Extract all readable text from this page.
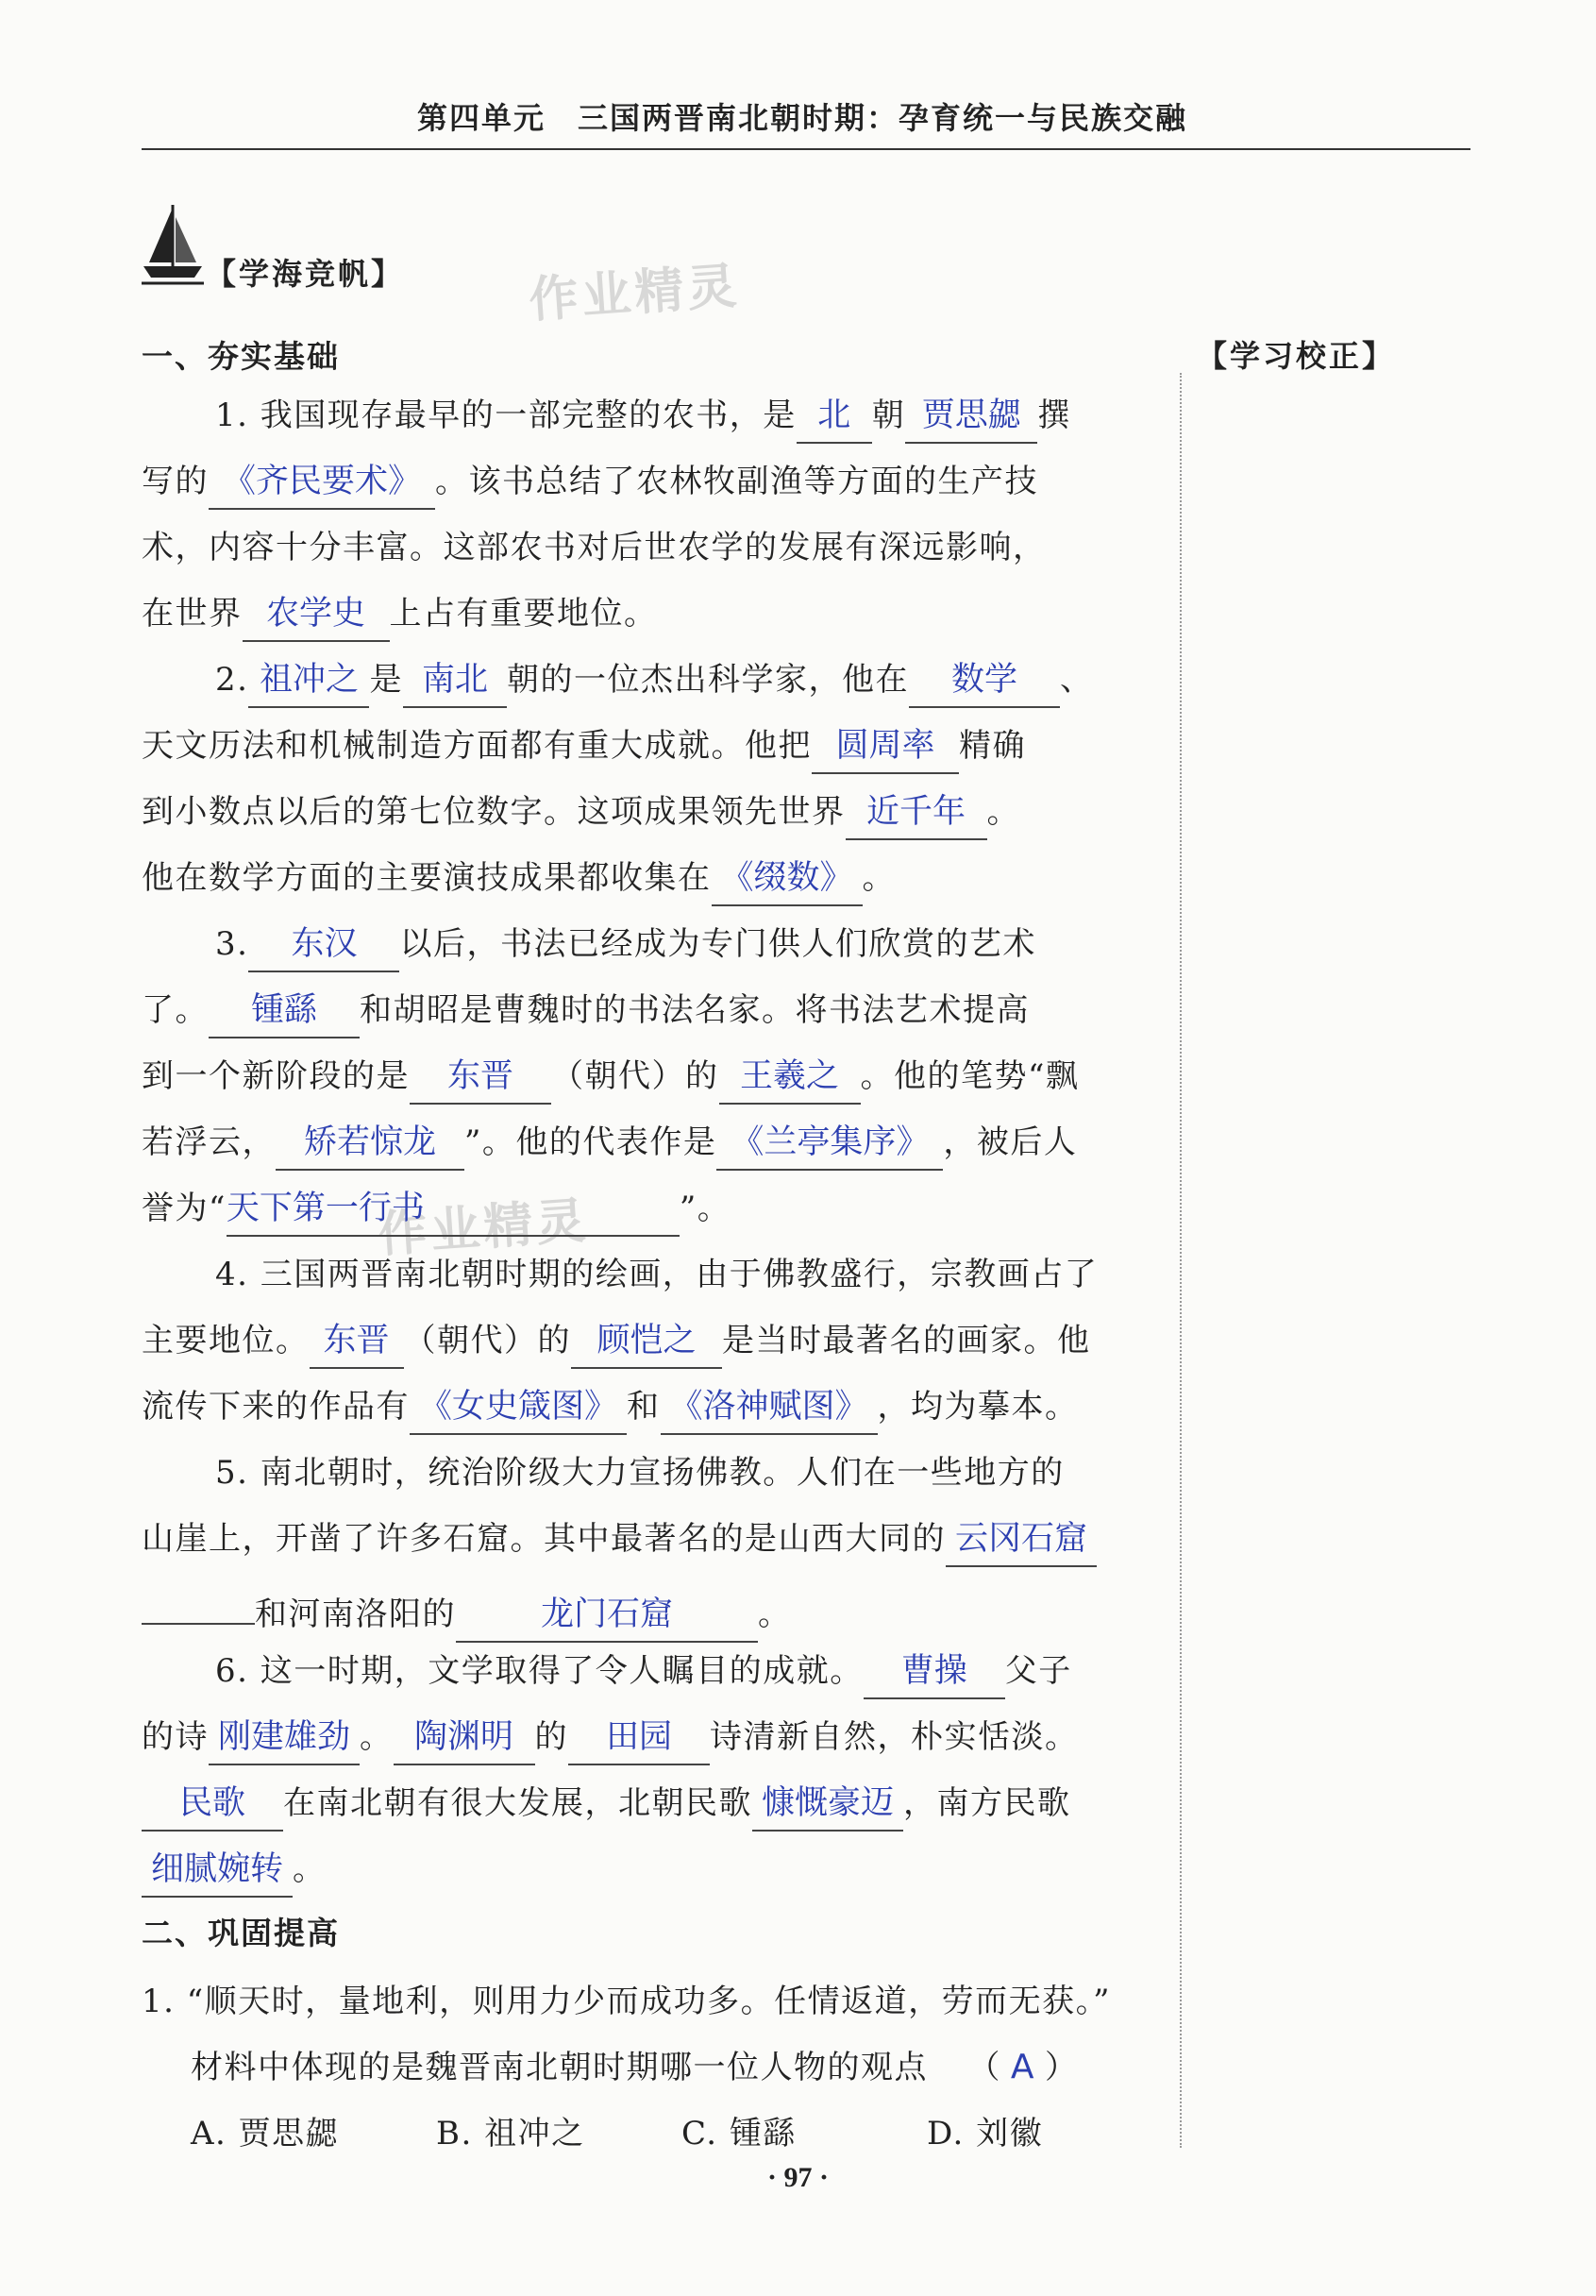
第四单元　三国两晋南北朝时期：孕育统一与民族交融
【学海竞帆】	作业精灵
作业精灵
【学习校正】
一、夯实基础
1. 我国现存最早的一部完整的农书，是 北 朝 贾思勰 撰
写的 《齐民要术》 。该书总结了农林牧副渔等方面的生产技
术，内容十分丰富。这部农书对后世农学的发展有深远影响，
在世界 农学史 上占有重要地位。
2. 祖冲之 是 南北 朝的一位杰出科学家，他在 数学 、
天文历法和机械制造方面都有重大成就。他把 圆周率 精确
到小数点以后的第七位数字。这项成果领先世界 近千年 。
他在数学方面的主要演技成果都收集在 《缀数》 。
3. 东汉 以后，书法已经成为专门供人们欣赏的艺术
了。 锺繇 和胡昭是曹魏时的书法名家。将书法艺术提高
到一个新阶段的是 东晋 （朝代）的 王羲之 。他的笔势“飘
若浮云， 矫若惊龙 ”。他的代表作是 《兰亭集序》 ，被后人
誉为“天下第一行书	”。
4. 三国两晋南北朝时期的绘画，由于佛教盛行，宗教画占了
主要地位。 东晋 （朝代）的 顾恺之 是当时最著名的画家。他
流传下来的作品有 《女史箴图》 和 《洛神赋图》 ，均为摹本。
5. 南北朝时，统治阶级大力宣扬佛教。人们在一些地方的
山崖上，开凿了许多石窟。其中最著名的是山西大同的 云冈石窟
和河南洛阳的	龙门石窟	。
6. 这一时期，文学取得了令人瞩目的成就。 曹操 父子
的诗 刚建雄劲 。 陶渊明 的 田园 诗清新自然，朴实恬淡。
民歌 在南北朝有很大发展，北朝民歌 慷慨豪迈 ，南方民歌
细腻婉转 。
二、巩固提高
1. “顺天时，量地利，则用力少而成功多。任情返道，劳而无获。”
材料中体现的是魏晋南北朝时期哪一位人物的观点 （ A ）
A. 贾思勰	B. 祖冲之	C. 锺繇	D. 刘徽
· 97 ·
